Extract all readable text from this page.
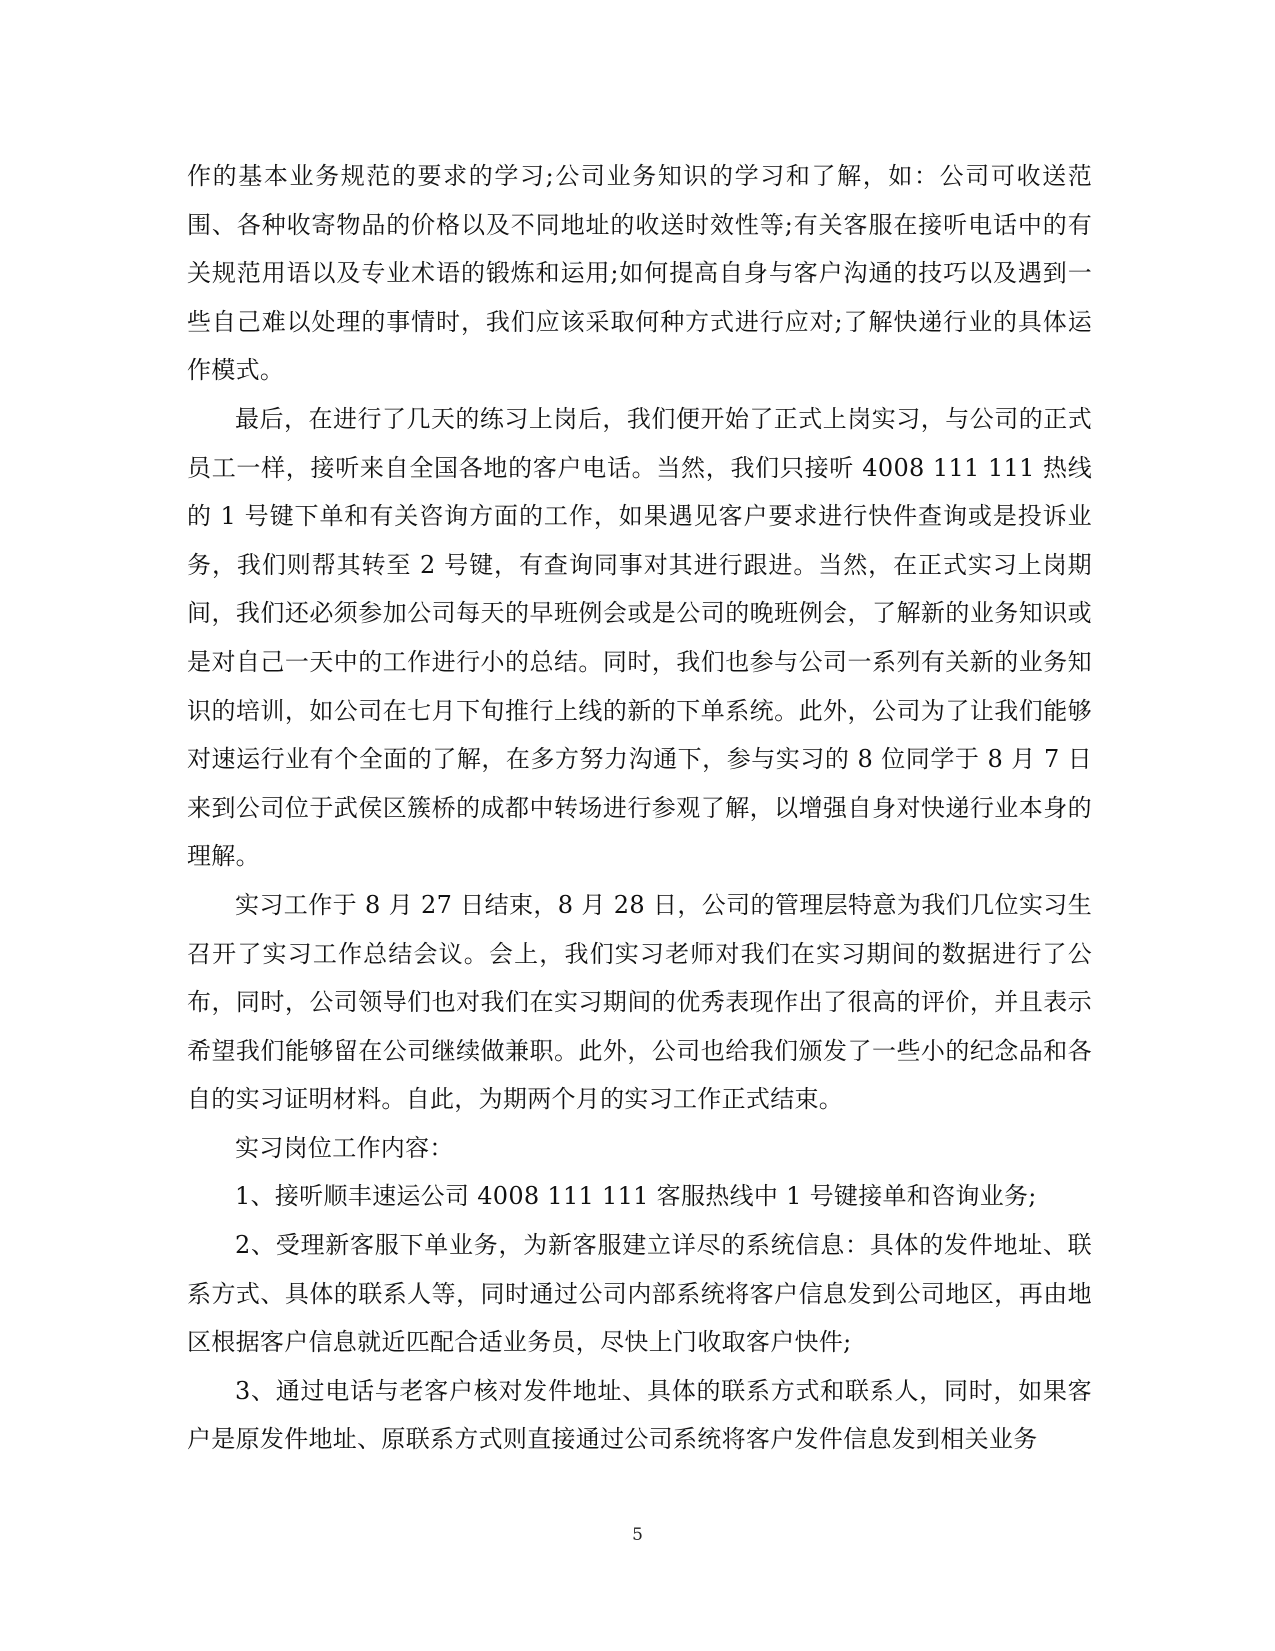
作的基本业务规范的要求的学习;公司业务知识的学习和了解，如：公司可收送范围、各种收寄物品的价格以及不同地址的收送时效性等;有关客服在接听电话中的有关规范用语以及专业术语的锻炼和运用;如何提高自身与客户沟通的技巧以及遇到一些自己难以处理的事情时，我们应该采取何种方式进行应对;了解快递行业的具体运作模式。

最后，在进行了几天的练习上岗后，我们便开始了正式上岗实习，与公司的正式员工一样，接听来自全国各地的客户电话。当然，我们只接听 4008 111 111 热线的 1 号键下单和有关咨询方面的工作，如果遇见客户要求进行快件查询或是投诉业务，我们则帮其转至 2 号键，有查询同事对其进行跟进。当然，在正式实习上岗期间，我们还必须参加公司每天的早班例会或是公司的晚班例会，了解新的业务知识或是对自己一天中的工作进行小的总结。同时，我们也参与公司一系列有关新的业务知识的培训，如公司在七月下旬推行上线的新的下单系统。此外，公司为了让我们能够对速运行业有个全面的了解，在多方努力沟通下，参与实习的 8 位同学于 8 月 7 日来到公司位于武侯区簇桥的成都中转场进行参观了解，以增强自身对快递行业本身的理解。

实习工作于 8 月 27 日结束，8 月 28 日，公司的管理层特意为我们几位实习生召开了实习工作总结会议。会上，我们实习老师对我们在实习期间的数据进行了公布，同时，公司领导们也对我们在实习期间的优秀表现作出了很高的评价，并且表示希望我们能够留在公司继续做兼职。此外，公司也给我们颁发了一些小的纪念品和各自的实习证明材料。自此，为期两个月的实习工作正式结束。

实习岗位工作内容：

1、接听顺丰速运公司 4008 111 111 客服热线中 1 号键接单和咨询业务;

2、受理新客服下单业务，为新客服建立详尽的系统信息：具体的发件地址、联系方式、具体的联系人等，同时通过公司内部系统将客户信息发到公司地区，再由地区根据客户信息就近匹配合适业务员，尽快上门收取客户快件;

3、通过电话与老客户核对发件地址、具体的联系方式和联系人，同时，如果客户是原发件地址、原联系方式则直接通过公司系统将客户发件信息发到相关业务

5
